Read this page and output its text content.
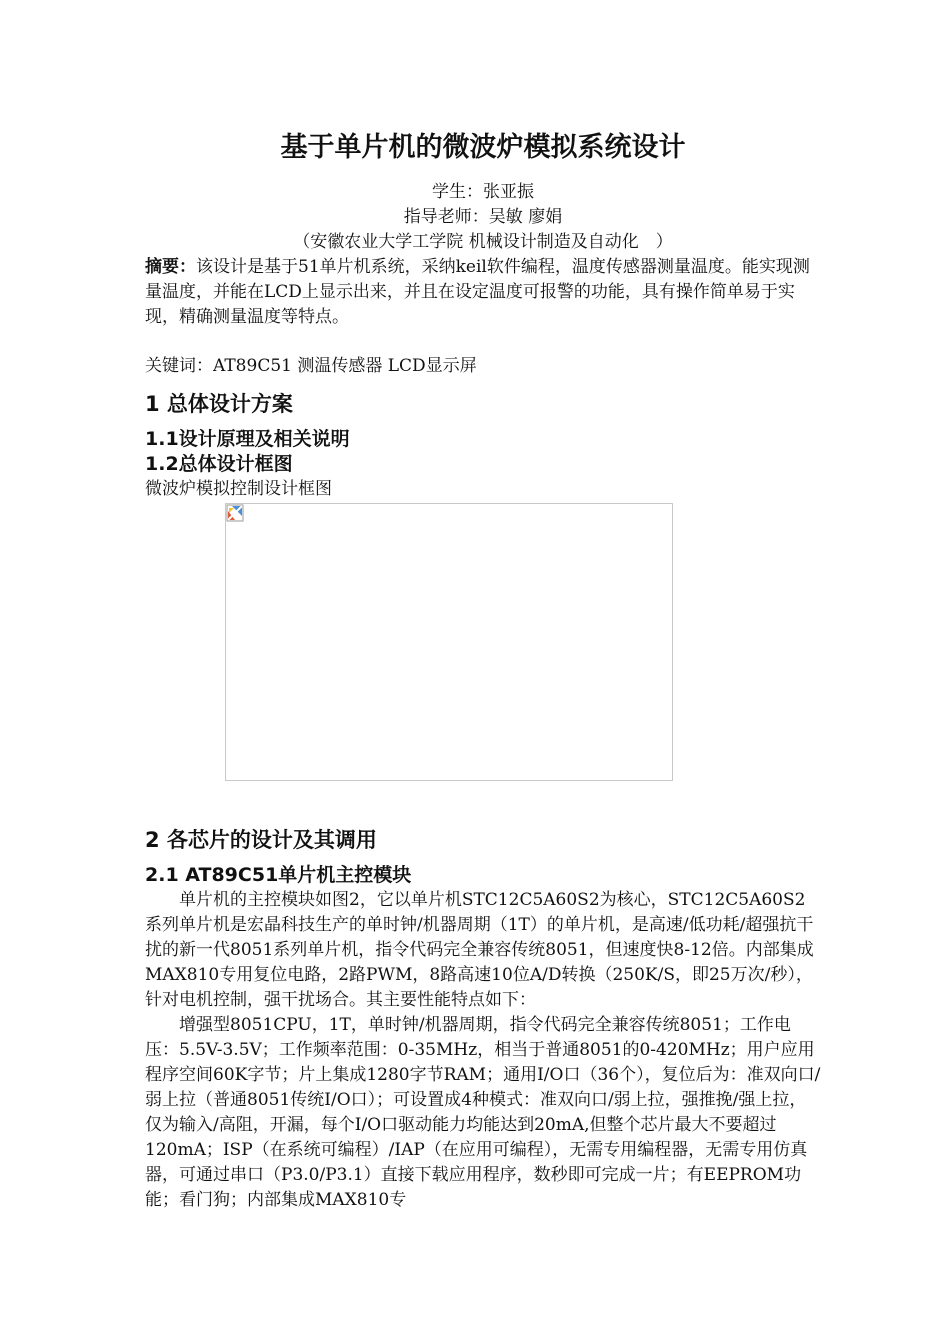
基于单片机的微波炉模拟系统设计
学生：张亚振
指导老师：吴敏 廖娟
（安徽农业大学工学院 机械设计制造及自动化　）

摘要：该设计是基于51单片机系统，采纳keil软件编程，温度传感器测量温度。能实现测量温度，并能在LCD上显示出来，并且在设定温度可报警的功能，具有操作简单易于实现，精确测量温度等特点。

关键词：AT89C51 测温传感器 LCD显示屏

1 总体设计方案
1.1设计原理及相关说明
1.2总体设计框图

微波炉模拟控制设计框图

2 各芯片的设计及其调用
2.1 AT89C51单片机主控模块

单片机的主控模块如图2，它以单片机STC12C5A60S2为核心，STC12C5A60S2系列单片机是宏晶科技生产的单时钟/机器周期（1T）的单片机，是高速/低功耗/超强抗干扰的新一代8051系列单片机，指令代码完全兼容传统8051，但速度快8-12倍。内部集成MAX810专用复位电路，2路PWM，8路高速10位A/D转换（250K/S，即25万次/秒），针对电机控制，强干扰场合。其主要性能特点如下：

增强型8051CPU，1T，单时钟/机器周期，指令代码完全兼容传统8051；工作电压：5.5V-3.5V；工作频率范围：0-35MHz，相当于普通8051的0-420MHz；用户应用程序空间60K字节；片上集成1280字节RAM；通用I/O口（36个），复位后为：准双向口/弱上拉（普通8051传统I/O口）；可设置成4种模式：准双向口/弱上拉，强推挽/强上拉，仅为输入/高阻，开漏，每个I/O口驱动能力均能达到20mA,但整个芯片最大不要超过120mA；ISP（在系统可编程）/IAP（在应用可编程），无需专用编程器，无需专用仿真器，可通过串口（P3.0/P3.1）直接下载应用程序，数秒即可完成一片；有EEPROM功能；看门狗；内部集成MAX810专
